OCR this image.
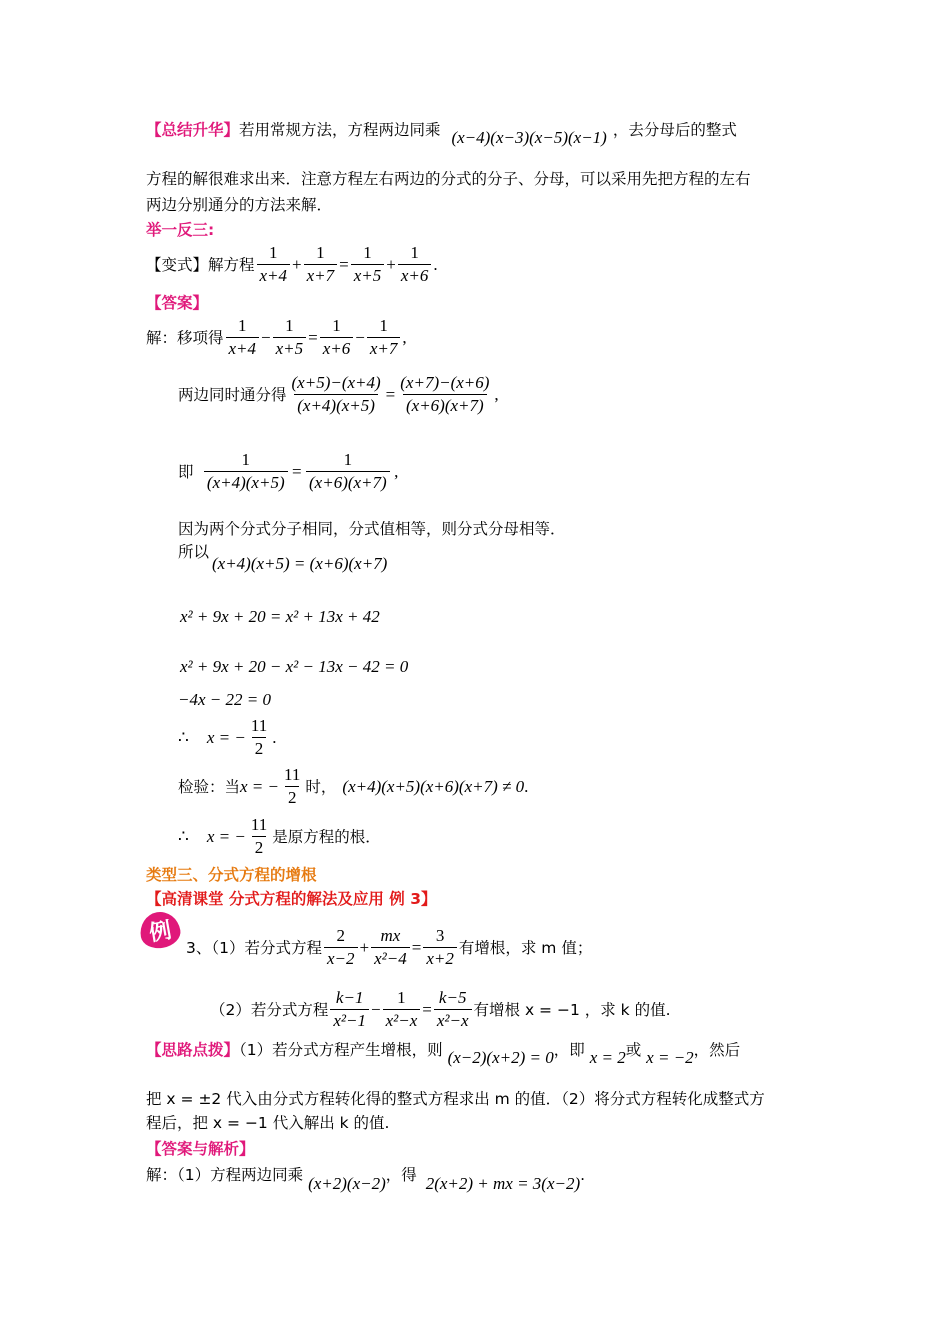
【总结升华】若用常规方法，方程两边同乘 (x−4)(x−3)(x−5)(x−1) ，去分母后的整式
方程的解很难求出来．注意方程左右两边的分式的分子、分母，可以采用先把方程的左右
两边分别通分的方法来解．
举一反三:
【变式】解方程 $\frac{1}{x+4} + \frac{1}{x+7} = \frac{1}{x+5} + \frac{1}{x+6}$ .
【答案】
解：移项得 $\frac{1}{x+4} - \frac{1}{x+5} = \frac{1}{x+6} - \frac{1}{x+7}$ ,
两边同时通分得 $\frac{(x+5)-(x+4)}{(x+4)(x+5)} = \frac{(x+7)-(x+6)}{(x+6)(x+7)}$ ,
即 $\frac{1}{(x+4)(x+5)} = \frac{1}{(x+6)(x+7)}$ ,
因为两个分式分子相同，分式值相等，则分式分母相等．
所以
(x+4)(x+5) = (x+6)(x+7)
x² + 9x + 20 = x² + 13x + 42
x² + 9x + 20 − x² − 13x − 42 = 0
−4x − 22 = 0
∴ x = − $\frac{11}{2}$ .
检验：当 x = − $\frac{11}{2}$ 时， (x+4)(x+5)(x+6)(x+7) ≠ 0 .
∴ x = − $\frac{11}{2}$ 是原方程的根．
类型三、分式方程的增根
【高清课堂 分式方程的解法及应用 例 3】
例
3、（1）若分式方程 $\frac{2}{x-2} + \frac{mx}{\text{x²−4}} = \frac{3}{x+2}$ 有增根，求 m 值；
（2）若分式方程 $\frac{k-1}{\text{x²−1}} - \frac{1}{\text{x²−x}} = \frac{k-5}{\text{x²−x}}$ 有增根 x = −1 ，求 k 的值.
【思路点拨】（1）若分式方程产生增根，则 (x−2)(x+2) = 0，即 x = 2或 x = −2，然后
把 x = ±2 代入由分式方程转化得的整式方程求出 m 的值．（2）将分式方程转化成整式方
程后，把 x = −1 代入解出 k 的值.
【答案与解析】
解：（1）方程两边同乘 (x+2)(x−2)，得 2(x+2) + mx = 3(x−2).
